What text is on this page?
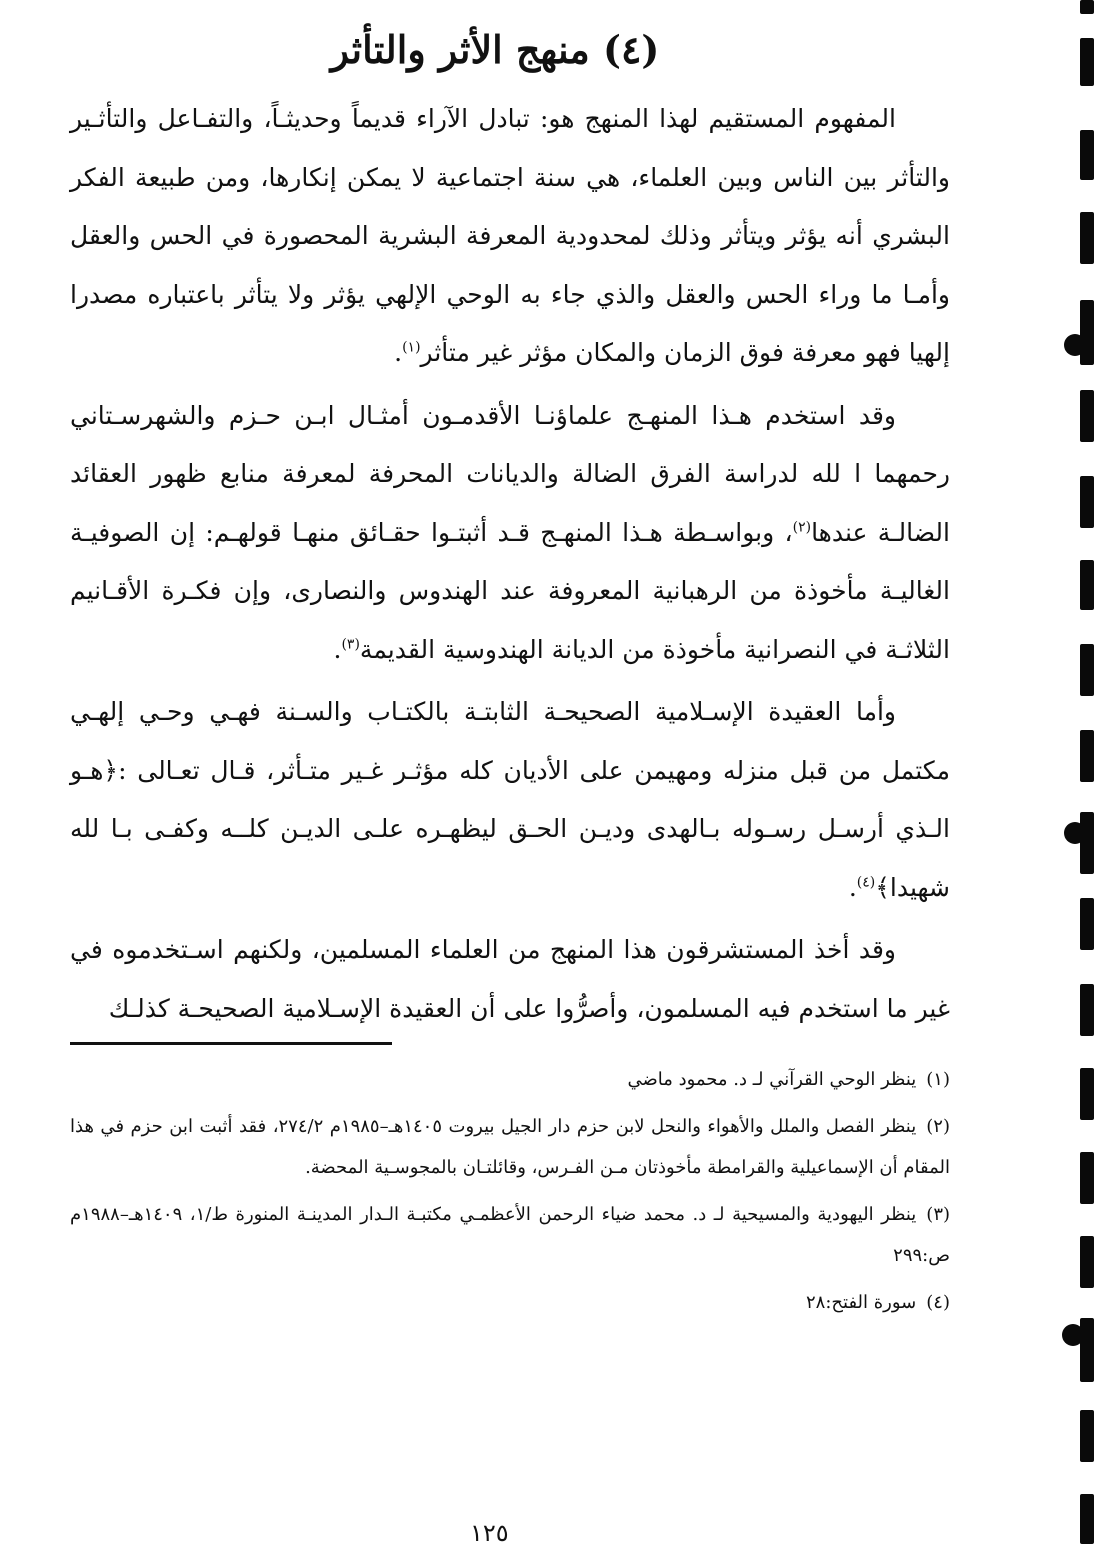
(٤) منهج الأثر والتأثر

المفهوم المستقيم لهذا المنهج هو: تبادل الآراء قديماً وحديثـاً، والتفـاعل والتأثـير والتأثر بين الناس وبين العلماء، هي سنة اجتماعية لا يمكن إنكارها، ومن طبيعة الفكر البشري أنه يؤثر ويتأثر وذلك لمحدودية المعرفة البشرية المحصورة في الحس والعقل وأمـا ما وراء الحس والعقل والذي جاء به الوحي الإلهي يؤثر ولا يتأثر باعتباره مصدرا إلهيا فهو معرفة فوق الزمان والمكان مؤثر غير متأثر$^{(١)}$.

وقد استخدم هـذا المنهـج علماؤنـا الأقدمـون أمثـال ابـن حـزم والشهرسـتاني رحمهما ا لله لدراسة الفرق الضالة والديانات المحرفة لمعرفة منابع ظهور العقائد الضالـة عندها$^{(٢)}$، وبواسـطة هـذا المنهـج قـد أثبتـوا حقـائق منهـا قولهـم: إن الصوفيـة الغاليـة مأخوذة من الرهبانية المعروفة عند الهندوس والنصارى، وإن فكـرة الأقـانيم الثلاثـة في النصرانية مأخوذة من الديانة الهندوسية القديمة$^{(٣)}$.

وأما العقيدة الإسـلامية الصحيحـة الثابتـة بالكتـاب والسـنة فهـي وحـي إلهـي مكتمل من قبل منزله ومهيمن على الأديان كله مؤثـر غـير متـأثر، قـال تعـالى :﴿هـو الـذي أرسـل رسـوله بـالهدى وديـن الحـق ليظهـره علـى الديـن كلــه وكفـى بـا لله شهيدا﴾$^{(٤)}$.

وقد أخذ المستشرقون هذا المنهج من العلماء المسلمين، ولكنهم اسـتخدموه في غير ما استخدم فيه المسلمون، وأصرُّوا على أن العقيدة الإسـلامية الصحيحـة كذلـك

(١)ينظر الوحي القرآني لـ د. محمود ماضي

(٢)ينظر الفصل والملل والأهواء والنحل لابن حزم دار الجيل بيروت ١٤٠٥هـ–١٩٨٥م ٢٧٤/٢، فقد أثبت ابن حزم في هذا المقام أن الإسماعيلية والقرامطة مأخوذتان مـن الفـرس، وقائلتـان بالمجوسـية المحضة.

(٣)ينظر اليهودية والمسيحية لـ د. محمد ضياء الرحمن الأعظمـي مكتبـة الـدار المدينـة المنورة ط/١، ١٤٠٩هـ–١٩٨٨م ص:٢٩٩

(٤)سورة الفتح:٢٨

١٢٥
